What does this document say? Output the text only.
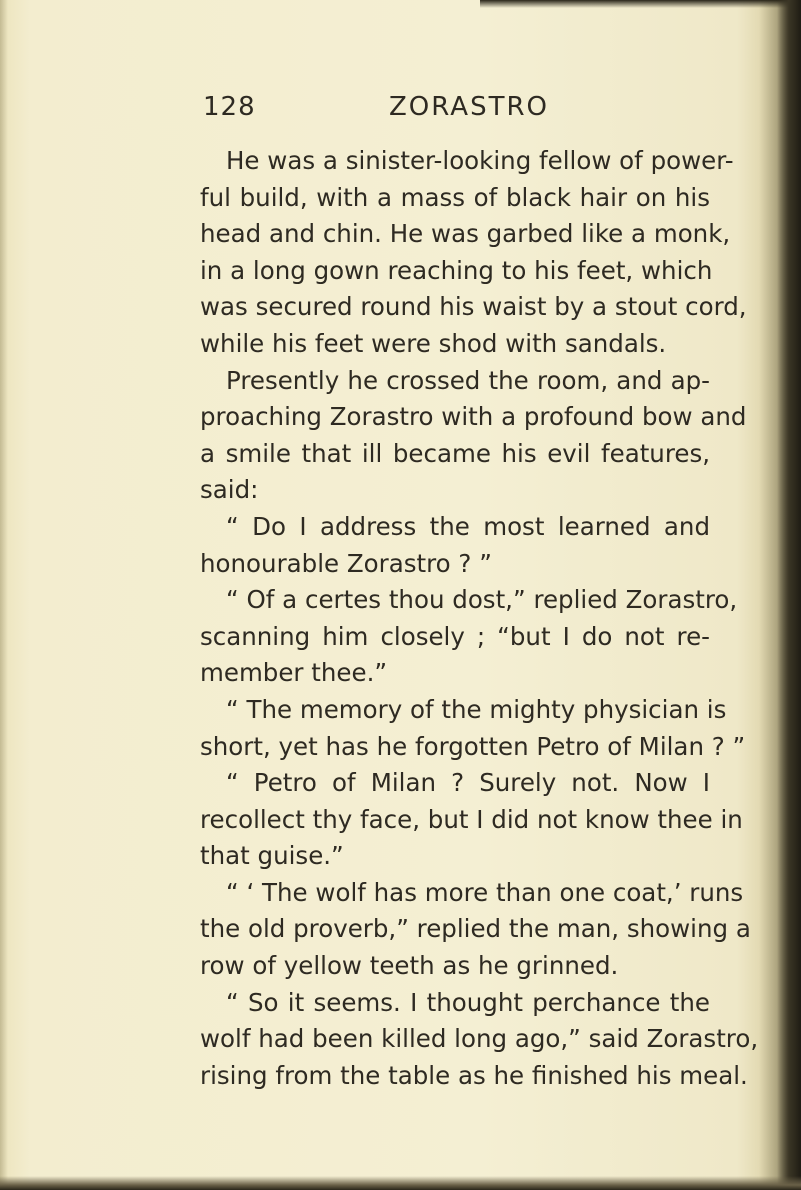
128	ZORASTRO
He was a sinister-looking fellow of power-
ful build, with a mass of black hair on his
head and chin. He was garbed like a monk,
in a long gown reaching to his feet, which
was secured round his waist by a stout cord,
while his feet were shod with sandals.
Presently he crossed the room, and ap-
proaching Zorastro with a profound bow and
a smile that ill became his evil features,
said:
“ Do I address the most learned and
honourable Zorastro ? ”
“ Of a certes thou dost,” replied Zorastro,
scanning him closely ; “but I do not re-
member thee.”
“ The memory of the mighty physician is
short, yet has he forgotten Petro of Milan ? ”
“ Petro of Milan ? Surely not. Now I
recollect thy face, but I did not know thee in
that guise.”
“ ‘ The wolf has more than one coat,’ runs
the old proverb,” replied the man, showing a
row of yellow teeth as he grinned.
“ So it seems. I thought perchance the
wolf had been killed long ago,” said Zorastro,
rising from the table as he finished his meal.
